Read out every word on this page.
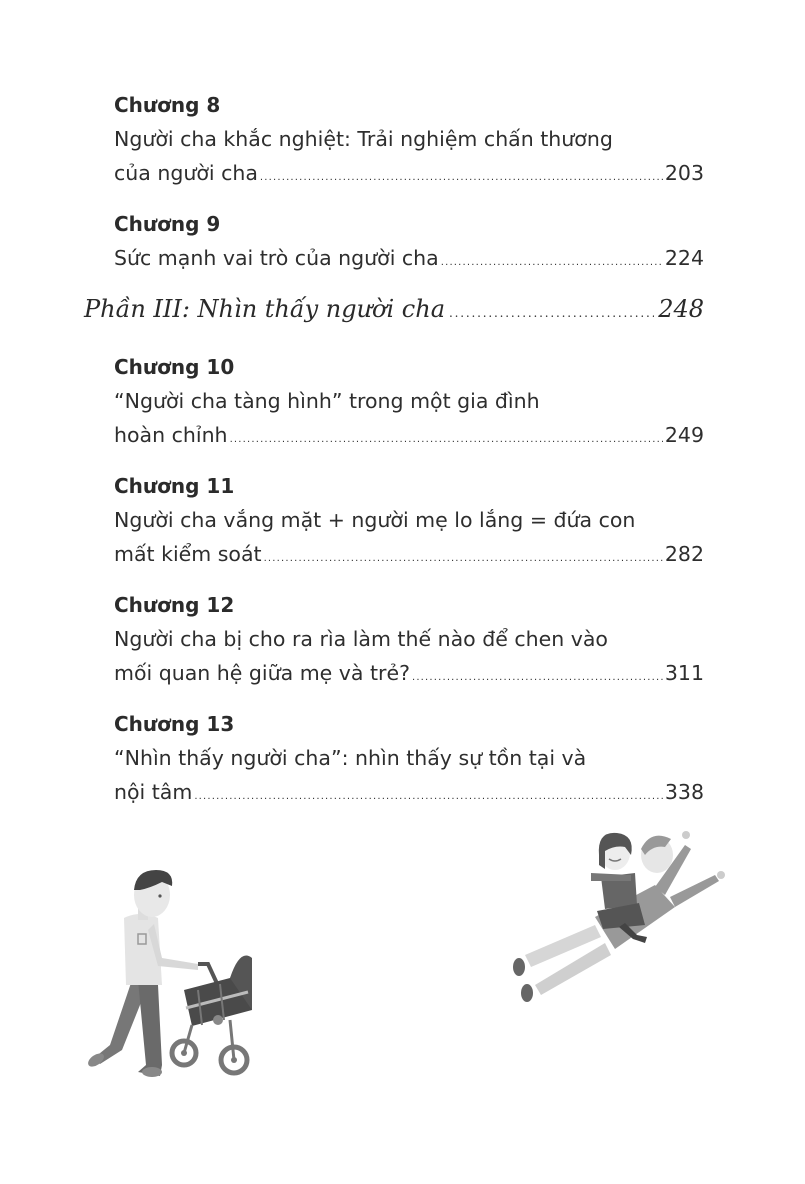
Chương 8
Người cha khắc nghiệt: Trải nghiệm chấn thương
của người cha . . .	203
Chương 9
Sức mạnh vai trò của người cha . . .	224
Phần III: Nhìn thấy người cha . . .	248
Chương 10
“Người cha tàng hình” trong một gia đình
hoàn chỉnh . . .	249
Chương 11
Người cha vắng mặt + người mẹ lo lắng = đứa con
mất kiểm soát . . .	282
Chương 12
Người cha bị cho ra rìa làm thế nào để chen vào
mối quan hệ giữa mẹ và trẻ? . . .	311
Chương 13
“Nhìn thấy người cha”: nhìn thấy sự tồn tại và
nội tâm . . .	338
